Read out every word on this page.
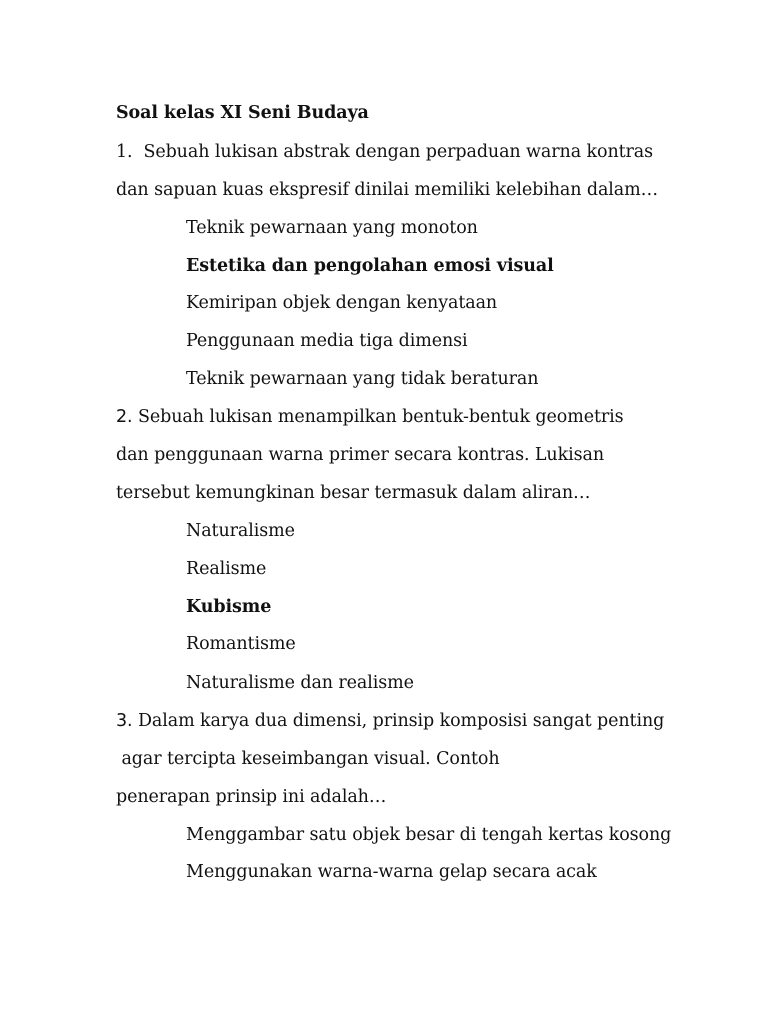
Soal kelas XI Seni Budaya
1. Sebuah lukisan abstrak dengan perpaduan warna kontras
dan sapuan kuas ekspresif dinilai memiliki kelebihan dalam…
Teknik pewarnaan yang monoton
Estetika dan pengolahan emosi visual
Kemiripan objek dengan kenyataan
Penggunaan media tiga dimensi
Teknik pewarnaan yang tidak beraturan
2. Sebuah lukisan menampilkan bentuk-bentuk geometris
dan penggunaan warna primer secara kontras. Lukisan
tersebut kemungkinan besar termasuk dalam aliran…
Naturalisme
Realisme
Kubisme
Romantisme
Naturalisme dan realisme
3. Dalam karya dua dimensi, prinsip komposisi sangat penting
agar tercipta keseimbangan visual. Contoh
penerapan prinsip ini adalah…
Menggambar satu objek besar di tengah kertas kosong
Menggunakan warna-warna gelap secara acak
